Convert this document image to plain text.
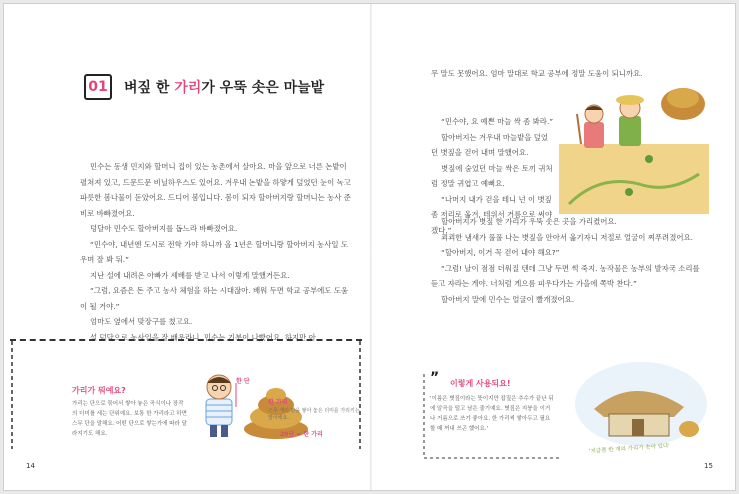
01	벼짚 한 가리가 우뚝 솟은 마늘밭

민수는 동생 민지와 할머니 집이 있는 농촌에서 살아요. 마을 앞으로 너른 논밭이 펼쳐져 있고, 드문드문 비닐하우스도 있어요. 겨우내 논밭을 하얗게 덮었던 눈이 녹고 파릇한 봄나물이 돋았어요. 드디어 봄입니다. 봄이 되자 할아버지랑 할머니는 농사 준비로 바빠졌어요.

덩달아 민수도 할아버지를 돕느라 바빠졌어요.

“민수야, 내년엔 도시로 전학 가야 하니까 올 1년은 할머니랑 할아버지 농사일 도우며 잘 봐 둬.”

지난 설에 내려온 아빠가 세배를 받고 나서 이렇게 말했거든요.

“그럼, 요즘은 돈 주고 농사 체험을 하는 시대잖아. 배워 두면 학교 공부에도 도움이 될 거야.”

엄마도 옆에서 맞장구를 쳤고요.

설 덕달으로 농사일을 잘 배우라니, 민수는 기분이 나빴어요. 하지만 아

가리가 뭐예요?
가리는 단으로 묶어서 쌓아 놓은 곡식이나 장작의 더미를 세는 단위예요. 보통 한 가리라고 하면 스무 단을 말해요. 어떤 단으로 쌓는가에 따라 달라지기도 해요.
한 단
한 가리
스무 개의 단을 쌓아 놓은 더미를 가리키는 말이에요.
20단 = 한 가리
14
무 말도 못했어요. 엄마 말대로 학교 공부에 정말 도움이 되니까요.

“민수야, 요 예쁜 마늘 싹 좀 봐라.”

할아버지는 겨우내 마늘밭을 덮었던 볏짚을 걷어 내며 말했어요.

볏짚에 숨었던 마늘 싹은 토끼 귀처럼 정말 귀엽고 예뻐요.

“나머지 내가 걷을 테니 넌 이 볏짚 좀 저리로 옮겨, 테위서 거름으로 써야겠다.”

할아버지가 볏짚 한 가리가 우뚝 솟은 곳을 가리켰어요.

쾨쾨한 냄새가 풀풀 나는 볏짚을 안아서 옮기자니 저절로 얼굴이 찌푸려졌어요.

“할아버지, 이거 꼭 걷어 내야 해요?”

“그럼! 날이 점점 더워질 텐데 그냥 두면 썩 죽지. 농작물은 농부의 발자국 소리를 듣고 자라는 게야. 너처럼 게으름 피우다가는 가을에 쪽박 찬다.”

할아버지 말에 민수는 얼굴이 빨개졌어요.

” 이렇게 사용되요!
'이름은 볏짚이라는 뜻이지만 잡짚은 추수가 끝난 뒤에 알곡을 털고 남은 줄기예요. 볏짚은 지붕을 이거나 거름으로 쓰기 좋아요. 한 가리씩 쌓아두고 필요할 때 꺼내 쓰곤 했어요.'
'지금쯤 한 개의 가리가 솟아 있다'
15
